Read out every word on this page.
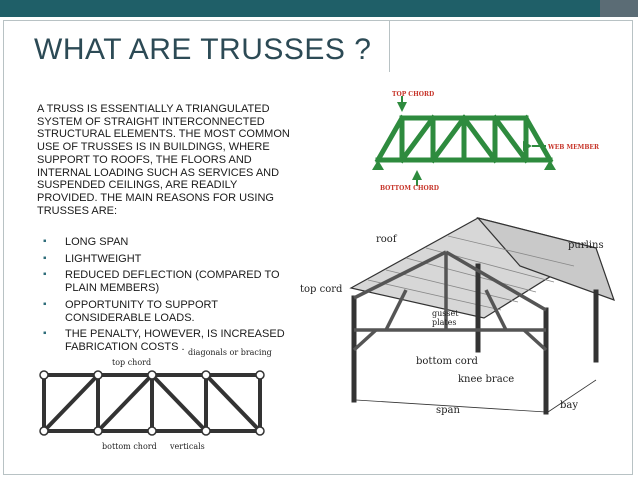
WHAT ARE TRUSSES ?
A TRUSS IS ESSENTIALLY A TRIANGULATED SYSTEM OF STRAIGHT INTERCONNECTED STRUCTURAL ELEMENTS. THE MOST COMMON USE OF TRUSSES IS IN BUILDINGS, WHERE SUPPORT TO ROOFS, THE FLOORS AND INTERNAL LOADING SUCH AS SERVICES AND SUSPENDED CEILINGS, ARE READILY PROVIDED. THE MAIN REASONS FOR USING TRUSSES ARE:
▪ LONG SPAN
▪ LIGHTWEIGHT
▪ REDUCED DEFLECTION (COMPARED TO PLAIN MEMBERS)
▪ OPPORTUNITY TO SUPPORT CONSIDERABLE LOADS.
▪ THE PENALTY, HOWEVER, IS INCREASED FABRICATION COSTS .
TOP CHORD
WEB MEMBER
BOTTOM CHORD
roof
purlins
top cord
gusset plates
bottom cord
knee brace
span	bay
top chord
diagonals or bracing
bottom chord verticals
